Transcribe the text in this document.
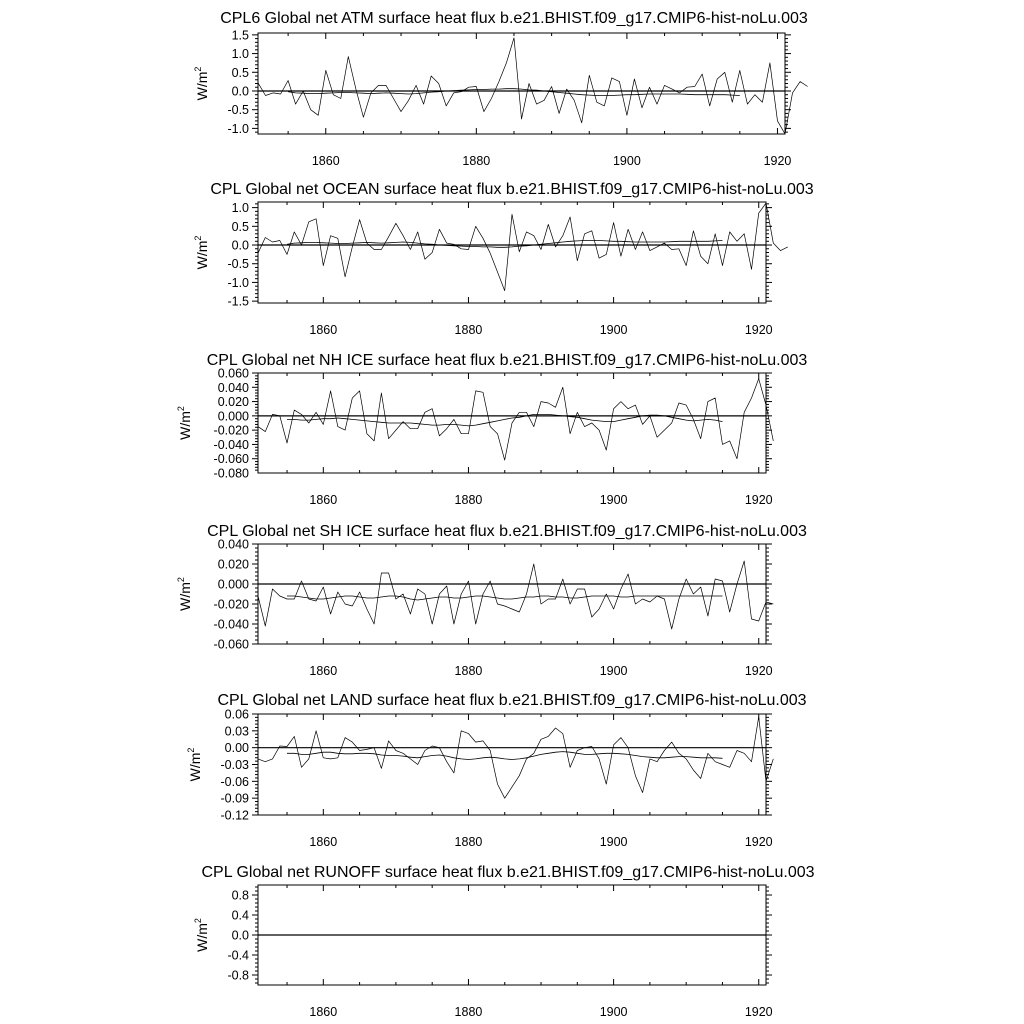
CPL6 Global net ATM surface heat flux b.e21.BHIST.f09_g17.CMIP6-hist-noLu.003
$W/m^2$
1860	1880	1900	1920
-1.0
-0.5
0.0
0.5
1.0
1.5
CPL Global net OCEAN surface heat flux b.e21.BHIST.f09_g17.CMIP6-hist-noLu.003
$W/m^2$
1860	1880	1900	1920
-1.5
-1.0
-0.5
0.0
0.5
1.0
CPL Global net NH ICE surface heat flux b.e21.BHIST.f09_g17.CMIP6-hist-noLu.003
$W/m^2$
1860	1880	1900	1920
-0.080
-0.060
-0.040
-0.020
0.000
0.020
0.040
0.060
CPL Global net SH ICE surface heat flux b.e21.BHIST.f09_g17.CMIP6-hist-noLu.003
$W/m^2$
1860	1880	1900	1920
-0.060
-0.040
-0.020
0.000
0.020
0.040
CPL Global net LAND surface heat flux b.e21.BHIST.f09_g17.CMIP6-hist-noLu.003
$W/m^2$
1860	1880	1900	1920
-0.12
-0.09
-0.06
-0.03
0.00
0.03
0.06
CPL Global net RUNOFF surface heat flux b.e21.BHIST.f09_g17.CMIP6-hist-noLu.003
$W/m^2$
1860	1880	1900	1920
-0.8
-0.4
0.0
0.4
0.8
